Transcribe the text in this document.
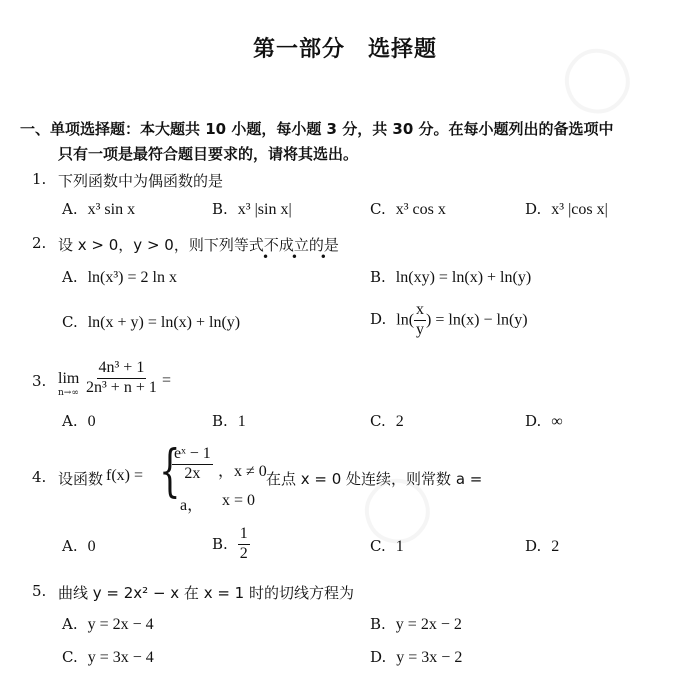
第一部分　选择题
一、单项选择题：本大题共 10 小题，每小题 3 分，共 30 分。在每小题列出的备选项中
只有一项是最符合题目要求的，请将其选出。
1. 下列函数中为偶函数的是
A. x³ sin x	B. x³ |sin x|	C. x³ cos x	D. x³ |cos x|
2. 设 x > 0，y > 0，则下列等式不成立的是
• • •
A. ln(x³) = 2 ln x	B. ln(xy) = ln(x) + ln(y)
C. ln(x + y) = ln(x) + ln(y)	D. $\ln( \frac{x}{y}$ ) = ln(x) − ln(y)
3. lim
$n\to\infty \frac{\text{4n³ + 1}}{\text{2n³ + n + 1}}$ =
A. 0	B. 1	C. 2	D. ∞
4. 设函数 f(x) = {
$\frac{\text{eˣ − 1}}{2x}$ ，x ≠ 0
a， x = 0
在点 x = 0 处连续，则常数 a =
A. 0	B. $\frac{1}{2}$	C. 1	D. 2
5. 曲线 y = 2x² − x 在 x = 1 时的切线方程为
A. y = 2x − 4	B. y = 2x − 2
C. y = 3x − 4	D. y = 3x − 2
